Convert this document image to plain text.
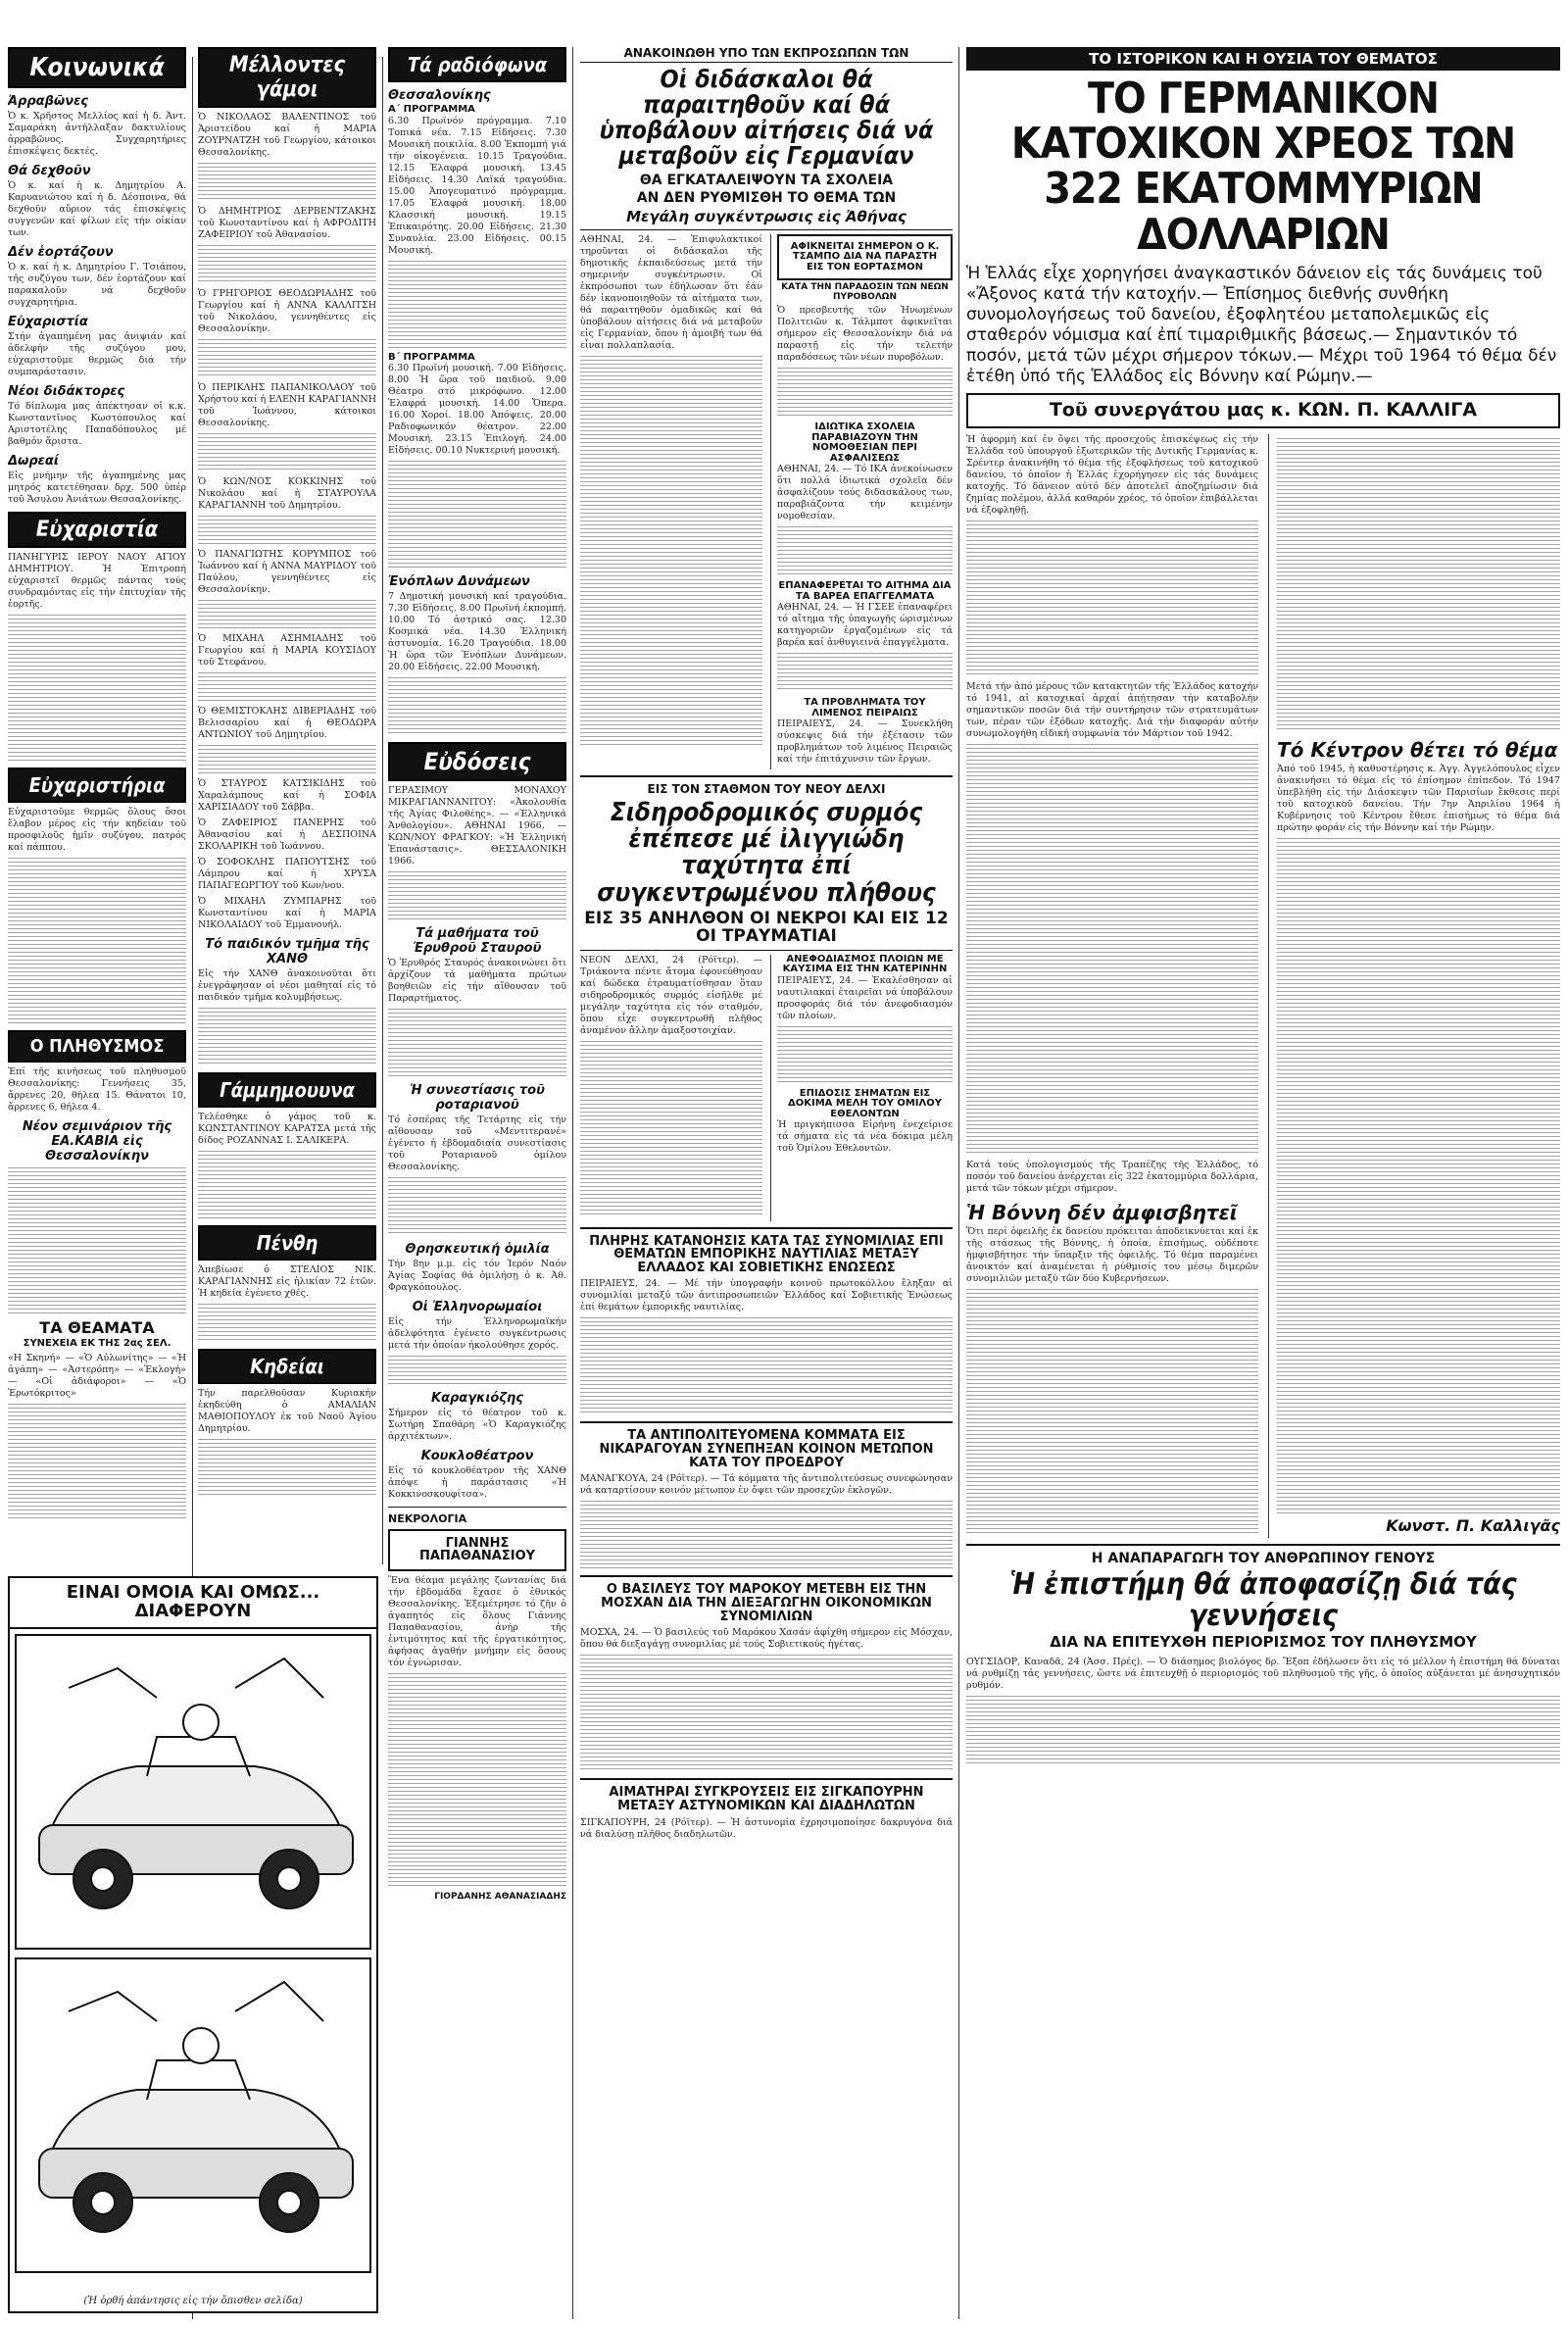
Κοινωνικά
Ἀρραβῶνες

Ὁ κ. Χρῆστος Μελλίος καί ἡ δ. Ἀντ. Σαμαράκη ἀντήλλαξαν δακτυλίους ἀρραβῶνος. Συγχαρητήριες ἐπισκέψεις δεκτές.

Θά δεχθοῦν

Ὁ κ. καί ἡ κ. Δημητρίου Α. Καρυανιώτου καί ἡ δ. Δέσποινα, θά δεχθοῦν αὔριον τάς ἐπισκέψεις συγγενῶν καί φίλων εἰς τήν οἰκίαν των.

Δέν ἑορτάζουν

Ὁ κ. καί ἡ κ. Δημητρίου Γ. Τσιάπου, τῆς συζύγου των, δέν ἑορτάζουν καί παρακαλοῦν νά δεχθοῦν συγχαρητήρια.

Εὐχαριστία

Στήν ἀγαπημένη μας ἀνιψιάν καί ἀδελφήν τῆς συζύγου μου, εὐχαριστοῦμε θερμῶς διά τήν συμπαράστασιν.

Νέοι διδάκτορες

Τό δίπλωμα μας ἀπέκτησαν οἱ κ.κ. Κωνσταντῖνος Κωστόπουλος καί Αριστοτέλης Παπαδόπουλος μέ βαθμόν ἄριστα.

Δωρεαί

Εἰς μνήμην τῆς ἀγαπημένης μας μητρός κατετέθησαν δρχ. 500 ὑπέρ τοῦ Ἄσυλου Ἀνιάτων Θεσσαλονίκης.

Εὐχαριστία

ΠΑΝΗΓΥΡΙΣ ΙΕΡΟΥ ΝΑΟΥ ΑΓΙΟΥ ΔΗΜΗΤΡΙΟΥ. Ἡ Ἐπιτροπή εὐχαριστεῖ θερμῶς πάντας τούς συνδραμόντας εἰς τήν ἐπιτυχίαν τῆς ἑορτῆς.

Εὐχαριστήρια

Εὐχαριστοῦμε θερμῶς ὅλους ὅσοι ἔλαβον μέρος εἰς τήν κηδείαν τοῦ προσφιλοῦς ἡμῖν συζύγου, πατρός καί πάππου.

Ο ΠΛΗΘΥΣΜΟΣ

Ἐπί τῆς κινήσεως τοῦ πληθυσμοῦ Θεσσαλονίκης: Γεννήσεις 35, ἄρρενες 20, θήλεα 15. Θάνατοι 10, ἄρρενες 6, θήλεα 4.

Νέον σεμινάριον τῆς ΕΑ.ΚΑΒΙΑ εἰς Θεσσαλονίκην
ΤΑ ΘΕΑΜΑΤΑ
ΣΥΝΕΧΕΙΑ ΕΚ ΤΗΣ 2ας ΣΕΛ.

«Η Σκηνή» — «Ὁ Αὐλωνίτης» — «Ἡ ἀγάπη» — «Ἀστερόπη» — «Ἐκλογή» — «Οἱ ἀδιάφοροι» — «Ὁ Ἐρωτόκριτος»

Μέλλοντες γάμοι

Ὁ ΝΙΚΟΛΑΟΣ ΒΑΛΕΝΤΙΝΟΣ τοῦ Ἀριστείδου καί ἡ ΜΑΡΙΑ ΖΟΥΡΝΑΤΖΗ τοῦ Γεωργίου, κάτοικοι Θεσσαλονίκης.

Ὁ ΔΗΜΗΤΡΙΟΣ ΔΕΡΒΕΝΤΖΑΚΗΣ τοῦ Κωνσταντίνου καί ἡ ΑΦΡΟΔΙΤΗ ΖΑΦΕΙΡΙΟΥ τοῦ Ἀθανασίου.

Ὁ ΓΡΗΓΟΡΙΟΣ ΘΕΟΔΩΡΙΑΔΗΣ τοῦ Γεωργίου καί ἡ ΑΝΝΑ ΚΑΛΛΙΤΣΗ τοῦ Νικολάου, γεννηθέντες εἰς Θεσσαλονίκην.

Ὁ ΠΕΡΙΚΛΗΣ ΠΑΠΑΝΙΚΟΛΑΟΥ τοῦ Χρήστου καί ἡ ΕΛΕΝΗ ΚΑΡΑΓΙΑΝΝΗ τοῦ Ἰωάννου, κάτοικοι Θεσσαλονίκης.

Ὁ ΚΩΝ/ΝΟΣ ΚΟΚΚΙΝΗΣ τοῦ Νικολάου καί ἡ ΣΤΑΥΡΟΥΛΑ ΚΑΡΑΓΙΑΝΝΗ τοῦ Δημητρίου.

Ὁ ΠΑΝΑΓΙΩΤΗΣ ΚΟΡΥΜΠΟΣ τοῦ Ἰωάννου καί ἡ ΑΝΝΑ ΜΑΥΡΙΔΟΥ τοῦ Παύλου, γεννηθέντες εἰς Θεσσαλονίκην.

Ὁ ΜΙΧΑΗΛ ΑΣΗΜΙΑΔΗΣ τοῦ Γεωργίου καί ἡ ΜΑΡΙΑ ΚΟΥΣΙΔΟΥ τοῦ Στεφάνου.

Ὁ ΘΕΜΙΣΤΟΚΛΗΣ ΔΙΒΕΡΙΑΔΗΣ τοῦ Βελισσαρίου καί ἡ ΘΕΟΔΩΡΑ ΑΝΤΩΝΙΟΥ τοῦ Δημητρίου.

Ὁ ΣΤΑΥΡΟΣ ΚΑΤΣΙΚΙΔΗΣ τοῦ Χαραλάμπους καί ἡ ΣΟΦΙΑ ΧΑΡΙΣΙΑΔΟΥ τοῦ Σάββα.

Ὁ ΖΑΦΕΙΡΙΟΣ ΠΑΝΕΡΗΣ τοῦ Ἀθανασίου καί ἡ ΔΕΣΠΟΙΝΑ ΣΚΟΛΑΡΙΚΗ τοῦ Ἰωάννου.

Ὁ ΣΟΦΟΚΛΗΣ ΠΑΠΟΥΤΣΗΣ τοῦ Λάμπρου καί ἡ ΧΡΥΣΑ ΠΑΠΑΓΕΩΡΓΙΟΥ τοῦ Κων/νου.

Ὁ ΜΙΧΑΗΛ ΖΥΜΠΑΡΗΣ τοῦ Κωνσταντίνου καί ἡ ΜΑΡΙΑ ΝΙΚΟΛΑΙΔΟΥ τοῦ Ἐμμανουήλ.

Τό παιδικόν τμῆμα τῆς ΧΑΝΘ

Εἰς τήν ΧΑΝΘ ἀνακοινοῦται ὅτι ἐνεγράφησαν οἱ νέοι μαθηταί εἰς τό παιδικόν τμῆμα κολυμβήσεως.

Γάμμημουυνα

Τελέσθηκε ὁ γάμος τοῦ κ. ΚΩΝΣΤΑΝΤΙΝΟΥ ΚΑΡΑΤΣΑ μετά τῆς δίδος ΡΟΖΑΝΝΑΣ Ι. ΣΑΛΙΚΕΡΑ.

Πένθη

Ἀπεβίωσε ὁ ΣΤΕΛΙΟΣ ΝΙΚ. ΚΑΡΑΓΙΑΝΝΗΣ εἰς ἡλικίαν 72 ἐτῶν. Ἡ κηδεία ἐγένετο χθές.

Κηδείαι

Τήν παρελθοῦσαν Κυριακήν ἐκηδεύθη ὁ ΑΜΑΛΙΑΝ ΜΑΘΙΟΠΟΥΛΟΥ ἐκ τοῦ Ναοῦ Ἁγίου Δημητρίου.

Τά ραδιόφωνα
Θεσσαλονίκης
Α΄ ΠΡΟΓΡΑΜΜΑ

6.30 Πρωϊνόν πρόγραμμα. 7.10 Τοπικά νέα. 7.15 Εἰδήσεις. 7.30 Μουσική ποικιλία. 8.00 Ἐκπομπή γιά τήν οἰκογένεια. 10.15 Τραγούδια. 12.15 Ἐλαφρά μουσική. 13.45 Εἰδήσεις. 14.30 Λαϊκά τραγούδια. 15.00 Ἀπογευματινό πρόγραμμα. 17.05 Ἐλαφρά μουσική. 18.00 Κλασσική μουσική. 19.15 Ἐπικαιρότης. 20.00 Εἰδήσεις. 21.30 Συναυλία. 23.00 Εἰδήσεις. 00.15 Μουσική.

Β΄ ΠΡΟΓΡΑΜΜΑ

6.30 Πρωϊνή μουσική. 7.00 Εἰδήσεις. 8.00 Ἡ ὥρα τοῦ παιδιοῦ. 9.00 Θέατρο στό μικρόφωνο. 12.00 Ἐλαφρά μουσική. 14.00 Ὄπερα. 16.00 Χοροί. 18.00 Ἀπόψεις. 20.00 Ραδιοφωνικόν θέατρον. 22.00 Μουσική. 23.15 Ἐπιλογή. 24.00 Εἰδήσεις. 00.10 Νυκτερινή μουσική.

Ἐνόπλων Δυνάμεων

7 Δημοτική μουσική καί τραγούδια. 7.30 Εἰδήσεις. 8.00 Πρωϊνή ἐκπομπή. 10.00 Τό ἀστρικό σας. 12.30 Κοσμικά νέα. 14.30 Ἑλληνική ἀστυνομία. 16.20 Τραγούδια. 18.00 Ἡ ὥρα τῶν Ἐνόπλων Δυνάμεων. 20.00 Εἰδήσεις. 22.00 Μουσική.

Εὐδόσεις

ΓΕΡΑΣΙΜΟΥ ΜΟΝΑΧΟΥ ΜΙΚΡΑΓΙΑΝΝΑΝΙΤΟΥ: «Ἀκολουθία τῆς Ἁγίας Φιλοθέης». — «Ἑλληνικά Ἀνθολογίου». ΑΘΗΝΑΙ 1966. — ΚΩΝ/ΝΟΥ ΦΡΑΓΚΟΥ: «Ἡ Ἑλληνική Ἐπανάστασις». ΘΕΣΣΑΛΟΝΙΚΗ 1966.

Τά μαθήματα τοῦ Ἐρυθροῦ Σταυροῦ

Ὁ Ἐρυθρός Σταυρός ἀνακοινώνει ὅτι ἀρχίζουν τά μαθήματα πρώτων βοηθειῶν εἰς τήν αἴθουσαν τοῦ Παραρτήματος.

Ἡ συνεστίασις τοῦ ροταριανοῦ

Τό ἑσπέρας τῆς Τετάρτης εἰς τήν αἴθουσαν τοῦ «Μεντιτερανέ» ἐγένετο ἡ ἑβδομαδιαία συνεστίασις τοῦ Ροταριανοῦ ὁμίλου Θεσσαλονίκης.

Θρησκευτική ὁμιλία

Τήν 8ην μ.μ. εἰς τόν Ἱερόν Ναόν Ἁγίας Σοφίας θά ὁμιλήσῃ ὁ κ. Ἀθ. Φραγκόπουλος.

Οἱ Ἐλληνορωμαίοι

Εἰς τήν Ἐλληνορωμαϊκήν ἀδελφότητα ἐγένετο συγκέντρωσις μετά τήν ὁποίαν ἠκολούθησε χορός.

Καραγκιόζης

Σήμερον εἰς τό θέατρον τοῦ κ. Σωτήρη Σπαθάρη «Ὁ Καραγκιόζης ἀρχιτέκτων».

Κουκλοθέατρον

Εἰς τό κουκλοθέατρον τῆς ΧΑΝΘ ἀπόψε ἡ παράστασις «Ἡ Κοκκινοσκουφίτσα».

ΝΕΚΡΟΛΟΓΙΑ
ΓΙΑΝΝΗΣ ΠΑΠΑΘΑΝΑΣΙΟΥ

Ἕνα θέαμα μεγάλης ζωντανίας διά τήν ἑβδομάδα ἔχασε ὁ ἐθνικός Θεσσαλονίκης. Ἐξεμέτρησε τό ζῆν ὁ ἀγαπητός εἰς ὅλους Γιάννης Παπαθανασίου, ἀνήρ τῆς ἐντιμότητος καί τῆς ἐργατικότητος, ἀφήσας ἀγαθήν μνήμην εἰς ὅσους τόν ἐγνώρισαν.

ΓΙΟΡΔΑΝΗΣ ΑΘΑΝΑΣΙΑΔΗΣ
ΕΙΝΑΙ ΟΜΟΙΑ ΚΑΙ ΟΜΩΣ... ΔΙΑΦΕΡΟΥΝ
(Ἡ ὀρθή ἀπάντησις εἰς τήν ὄπισθεν σελίδα)
ΑΝΑΚΟΙΝΩΘΗ ΥΠΟ ΤΩΝ ΕΚΠΡΟΣΩΠΩΝ ΤΩΝ
Οἱ διδάσκαλοι θά παραιτηθοῦν καί θά ὑποβάλουν αἰτήσεις διά νά μεταβοῦν εἰς Γερμανίαν
ΘΑ ΕΓΚΑΤΑΛΕΙΨΟΥΝ ΤΑ ΣΧΟΛΕΙΑ
ΑΝ ΔΕΝ ΡΥΘΜΙΣΘΗ ΤΟ ΘΕΜΑ ΤΩΝ
Μεγάλη συγκέντρωσις εἰς Ἀθήνας

ΑΘΗΝΑΙ, 24. — Ἐπιφυλακτικοί τηροῦνται οἱ διδάσκαλοι τῆς δημοτικῆς ἐκπαιδεύσεως μετά τήν σημερινήν συγκέντρωσιν. Οἱ ἐκπρόσωποι των ἐδήλωσαν ὅτι ἐάν δέν ἱκανοποιηθοῦν τά αἰτήματα των, θά παραιτηθοῦν ὁμαδικῶς καί θά ὑποβάλουν αἰτήσεις διά νά μεταβοῦν εἰς Γερμανίαν, ὅπου ἡ ἀμοιβή των θά εἶναι πολλαπλασία.

ΑΦΙΚΝΕΙΤΑΙ ΣΗΜΕΡΟΝ Ο Κ. ΤΣΑΜΠΟ ΔΙΑ ΝΑ ΠΑΡΑΣΤΗ ΕΙΣ ΤΟΝ ΕΟΡΤΑΣΜΟΝ
ΚΑΤΑ ΤΗΝ ΠΑΡΑΔΟΣΙΝ ΤΩΝ ΝΕΩΝ ΠΥΡΟΒΟΛΩΝ

Ὁ πρεσβευτής τῶν Ἡνωμένων Πολιτειῶν κ. Τάλμποτ ἀφικνεῖται σήμερον εἰς Θεσσαλονίκην διά νά παραστῇ εἰς τήν τελετήν παραδόσεως τῶν νέων πυροβόλων.

ΙΔΙΩΤΙΚΑ ΣΧΟΛΕΙΑ ΠΑΡΑΒΙΑΖΟΥΝ ΤΗΝ ΝΟΜΟΘΕΣΙΑΝ ΠΕΡΙ ΑΣΦΑΛΙΣΕΩΣ

ΑΘΗΝΑΙ, 24. — Τό ΙΚΑ ἀνεκοίνωσεν ὅτι πολλά ἰδιωτικά σχολεῖα δέν ἀσφαλίζουν τούς διδασκάλους των, παραβιάζοντα τήν κειμένην νομοθεσίαν.

ΕΠΑΝΑΦΕΡΕΤΑΙ ΤΟ ΑΙΤΗΜΑ ΔΙΑ ΤΑ ΒΑΡΕΑ ΕΠΑΓΓΕΛΜΑΤΑ

ΑΘΗΝΑΙ, 24. — Ἡ ΓΣΕΕ ἐπαναφέρει τό αἴτημα τῆς ὑπαγωγῆς ὡρισμένων κατηγοριῶν ἐργαζομένων εἰς τά βαρέα καί ἀνθυγιεινά ἐπαγγέλματα.

ΤΑ ΠΡΟΒΛΗΜΑΤΑ ΤΟΥ ΛΙΜΕΝΟΣ ΠΕΙΡΑΙΩΣ

ΠΕΙΡΑΙΕΥΣ, 24. — Συνεκλήθη σύσκεψις διά τήν ἐξέτασιν τῶν προβλημάτων τοῦ λιμένος Πειραιῶς καί τήν ἐπιτάχυνσιν τῶν ἔργων.

ΕΙΣ ΤΟΝ ΣΤΑΘΜΟΝ ΤΟΥ ΝΕΟΥ ΔΕΛΧΙ
Σιδηροδρομικός συρμός ἐπέπεσε μέ ἰλιγγιώδη ταχύτητα ἐπί συγκεντρωμένου πλήθους
ΕΙΣ 35 ΑΝΗΛΘΟΝ ΟΙ ΝΕΚΡΟΙ ΚΑΙ ΕΙΣ 12 ΟΙ ΤΡΑΥΜΑΤΙΑΙ

ΝΕΟΝ ΔΕΛΧΙ, 24 (Ρόϊτερ). — Τριάκοντα πέντε ἄτομα ἐφονεύθησαν καί δώδεκα ἐτραυματίσθησαν ὅταν σιδηροδρομικός συρμός εἰσῆλθε μέ μεγάλην ταχύτητα εἰς τόν σταθμόν, ὅπου εἶχε συγκεντρωθῆ πλῆθος ἀναμένον ἄλλην ἀμαξοστοιχίαν.

ΑΝΕΦΟΔΙΑΣΜΟΣ ΠΛΟΙΩΝ ΜΕ ΚΑΥΣΙΜΑ ΕΙΣ ΤΗΝ ΚΑΤΕΡΙΝΗΝ

ΠΕΙΡΑΙΕΥΣ, 24. — Ἐκαλέσθησαν αἱ ναυτιλιακαί ἑταιρεῖαι νά ὑποβάλουν προσφοράς διά τόν ἀνεφοδιασμόν τῶν πλοίων.

ΕΠΙΔΟΣΙΣ ΣΗΜΑΤΩΝ ΕΙΣ ΔΟΚΙΜΑ ΜΕΛΗ ΤΟΥ ΟΜΙΛΟΥ ΕΘΕΛΟΝΤΩΝ

Ἡ πριγκήπισσα Εἰρήνη ἐνεχείρισε τά σήματα εἰς τά νέα δόκιμα μέλη τοῦ Ὁμίλου Ἐθελοντῶν.

ΠΛΗΡΗΣ ΚΑΤΑΝΟΗΣΙΣ ΚΑΤΑ ΤΑΣ ΣΥΝΟΜΙΛΙΑΣ ΕΠΙ ΘΕΜΑΤΩΝ ΕΜΠΟΡΙΚΗΣ ΝΑΥΤΙΛΙΑΣ ΜΕΤΑΞΥ ΕΛΛΑΔΟΣ ΚΑΙ ΣΟΒΙΕΤΙΚΗΣ ΕΝΩΣΕΩΣ

ΠΕΙΡΑΙΕΥΣ, 24. — Μέ τήν ὑπογραφήν κοινοῦ πρωτοκόλλου ἔληξαν αἱ συνομιλίαι μεταξύ τῶν ἀντιπροσωπειῶν Ἑλλάδος καί Σοβιετικῆς Ἑνώσεως ἐπί θεμάτων ἐμπορικῆς ναυτιλίας.

ΤΑ ΑΝΤΙΠΟΛΙΤΕΥΟΜΕΝΑ ΚΟΜΜΑΤΑ ΕΙΣ ΝΙΚΑΡΑΓΟΥΑΝ ΣΥΝΕΠΗΞΑΝ ΚΟΙΝΟΝ ΜΕΤΩΠΟΝ ΚΑΤΑ ΤΟΥ ΠΡΟΕΔΡΟΥ

ΜΑΝΑΓΚΟΥΑ, 24 (Ρόϊτερ). — Τά κόμματα τῆς ἀντιπολιτεύσεως συνεφώνησαν νά καταρτίσουν κοινόν μέτωπον ἐν ὄψει τῶν προσεχῶν ἐκλογῶν.

Ο ΒΑΣΙΛΕΥΣ ΤΟΥ ΜΑΡΟΚΟΥ ΜΕΤΕΒΗ ΕΙΣ ΤΗΝ ΜΟΣΧΑΝ ΔΙΑ ΤΗΝ ΔΙΕΞΑΓΩΓΗΝ ΟΙΚΟΝΟΜΙΚΩΝ ΣΥΝΟΜΙΛΙΩΝ

ΜΟΣΧΑ, 24. — Ὁ βασιλεύς τοῦ Μαρόκου Χασάν ἀφίχθη σήμερον εἰς Μόσχαν, ὅπου θά διεξαγάγῃ συνομιλίας μέ τούς Σοβιετικούς ἡγέτας.

ΑΙΜΑΤΗΡΑΙ ΣΥΓΚΡΟΥΣΕΙΣ ΕΙΣ ΣΙΓΚΑΠΟΥΡΗΝ ΜΕΤΑΞΥ ΑΣΤΥΝΟΜΙΚΩΝ ΚΑΙ ΔΙΑΔΗΛΩΤΩΝ

ΣΙΓΚΑΠΟΥΡΗ, 24 (Ρόϊτερ). — Ἡ ἀστυνομία ἐχρησιμοποίησε δακρυγόνα διά νά διαλύσῃ πλῆθος διαδηλωτῶν.

ΤΟ ΙΣΤΟΡΙΚΟΝ ΚΑΙ Η ΟΥΣΙΑ ΤΟΥ ΘΕΜΑΤΟΣ
ΤΟ ΓΕΡΜΑΝΙΚΟΝ ΚΑΤΟΧΙΚΟΝ ΧΡΕΟΣ ΤΩΝ 322 ΕΚΑΤΟΜΜΥΡΙΩΝ ΔΟΛΛΑΡΙΩΝ
Ἡ Ἑλλάς εἶχε χορηγήσει ἀναγκαστικόν δάνειον εἰς τάς δυνάμεις τοῦ «Ἄξονος κατά τήν κατοχήν.— Ἐπίσημος διεθνής συνθήκη συνομολογήσεως τοῦ δανείου, ἐξοφλητέου μεταπολεμικῶς εἰς σταθερόν νόμισμα καί ἐπί τιμαριθμικῆς βάσεως.— Σημαντικόν τό ποσόν, μετά τῶν μέχρι σήμερον τόκων.— Μέχρι τοῦ 1964 τό θέμα δέν ἐτέθη ὑπό τῆς Ἑλλάδος εἰς Βόννην καί Ρώμην.—
Τοῦ συνεργάτου μας κ. ΚΩΝ. Π. ΚΑΛΛΙΓΑ

Ἡ ἀφορμή καί ἐν ὄψει τῆς προσεχοῦς ἐπισκέψεως εἰς τήν Ἑλλάδα τοῦ ὑπουργοῦ ἐξωτερικῶν τῆς Δυτικῆς Γερμανίας κ. Σρέντερ ἀνακινήθη τό θέμα τῆς ἐξοφλήσεως τοῦ κατοχικοῦ δανείου, τό ὁποῖον ἡ Ἑλλάς ἐχορήγησεν εἰς τάς δυνάμεις κατοχῆς. Τό δάνειον αὐτό δέν ἀποτελεῖ ἀποζημίωσιν διά ζημίας πολέμου, ἀλλά καθαρόν χρέος, τό ὁποῖον ἐπιβάλλεται νά ἐξοφληθῇ.

Μετά τήν ἀπό μέρους τῶν κατακτητῶν τῆς Ἑλλάδος κατοχήν τό 1941, αἱ κατοχικαί ἀρχαί ἀπῄτησαν τήν καταβολήν σημαντικῶν ποσῶν διά τήν συντήρησιν τῶν στρατευμάτων των, πέραν τῶν ἐξόδων κατοχῆς. Διά τήν διαφοράν αὐτήν συνωμολογήθη εἰδική συμφωνία τόν Μάρτιον τοῦ 1942.

Κατά τούς ὑπολογισμούς τῆς Τραπέζης τῆς Ἑλλάδος, τό ποσόν τοῦ δανείου ἀνέρχεται εἰς 322 ἑκατομμύρια δολλάρια, μετά τῶν τόκων μέχρι σήμερον.

Ἡ Βόννη δέν ἀμφισβητεῖ

Ὅτι περί ὀφειλῆς ἐκ δανείου πρόκειται ἀποδεικνύεται καί ἐκ τῆς στάσεως τῆς Βόννης, ἡ ὁποία, ἐπισήμως, οὐδέποτε ἠμφισβήτησε τήν ὕπαρξιν τῆς ὀφειλῆς. Τό θέμα παραμένει ἀνοικτόν καί ἀναμένεται ἡ ρύθμισίς του μέσῳ διμερῶν συνομιλιῶν μεταξύ τῶν δύο Κυβερνήσεων.

Τό Κέντρον θέτει τό θέμα

Ἀπό τοῦ 1945, ἡ καθυστέρησις κ. Ἀγγ. Ἀγγελόπουλος εἶχεν ἀνακινήσει τό θέμα εἰς τό ἐπίσημον ἐπίπεδον. Τό 1947 ὑπεβλήθη εἰς τήν Διάσκεψιν τῶν Παρισίων ἔκθεσις περί τοῦ κατοχικοῦ δανείου. Τήν 7ην Ἀπριλίου 1964 ἡ Κυβέρνησις τοῦ Κέντρου ἔθεσε ἐπισήμως τό θέμα διά πρώτην φοράν εἰς τήν Βόννην καί τήν Ρώμην.

Κωνστ. Π. Καλλιγᾶς
Η ΑΝΑΠΑΡΑΓΩΓΗ ΤΟΥ ΑΝΘΡΩΠΙΝΟΥ ΓΕΝΟΥΣ
Ἡ ἐπιστήμη θά ἀποφασίζῃ διά τάς γεννήσεις
ΔΙΑ ΝΑ ΕΠΙΤΕΥΧΘΗ ΠΕΡΙΟΡΙΣΜΟΣ ΤΟΥ ΠΛΗΘΥΣΜΟΥ

ΟΥΓΣΙΔΟΡ, Καναδᾶ, 24 (Ἀσσ. Πρές). — Ὁ διάσημος βιολόγος δρ. Ἔξοπ ἐδήλωσεν ὅτι εἰς τό μέλλον ἡ ἐπιστήμη θά δύναται νά ρυθμίζῃ τάς γεννήσεις, ὥστε νά ἐπιτευχθῇ ὁ περιορισμός τοῦ πληθυσμοῦ τῆς γῆς, ὁ ὁποῖος αὐξάνεται μέ ἀνησυχητικόν ρυθμόν.
